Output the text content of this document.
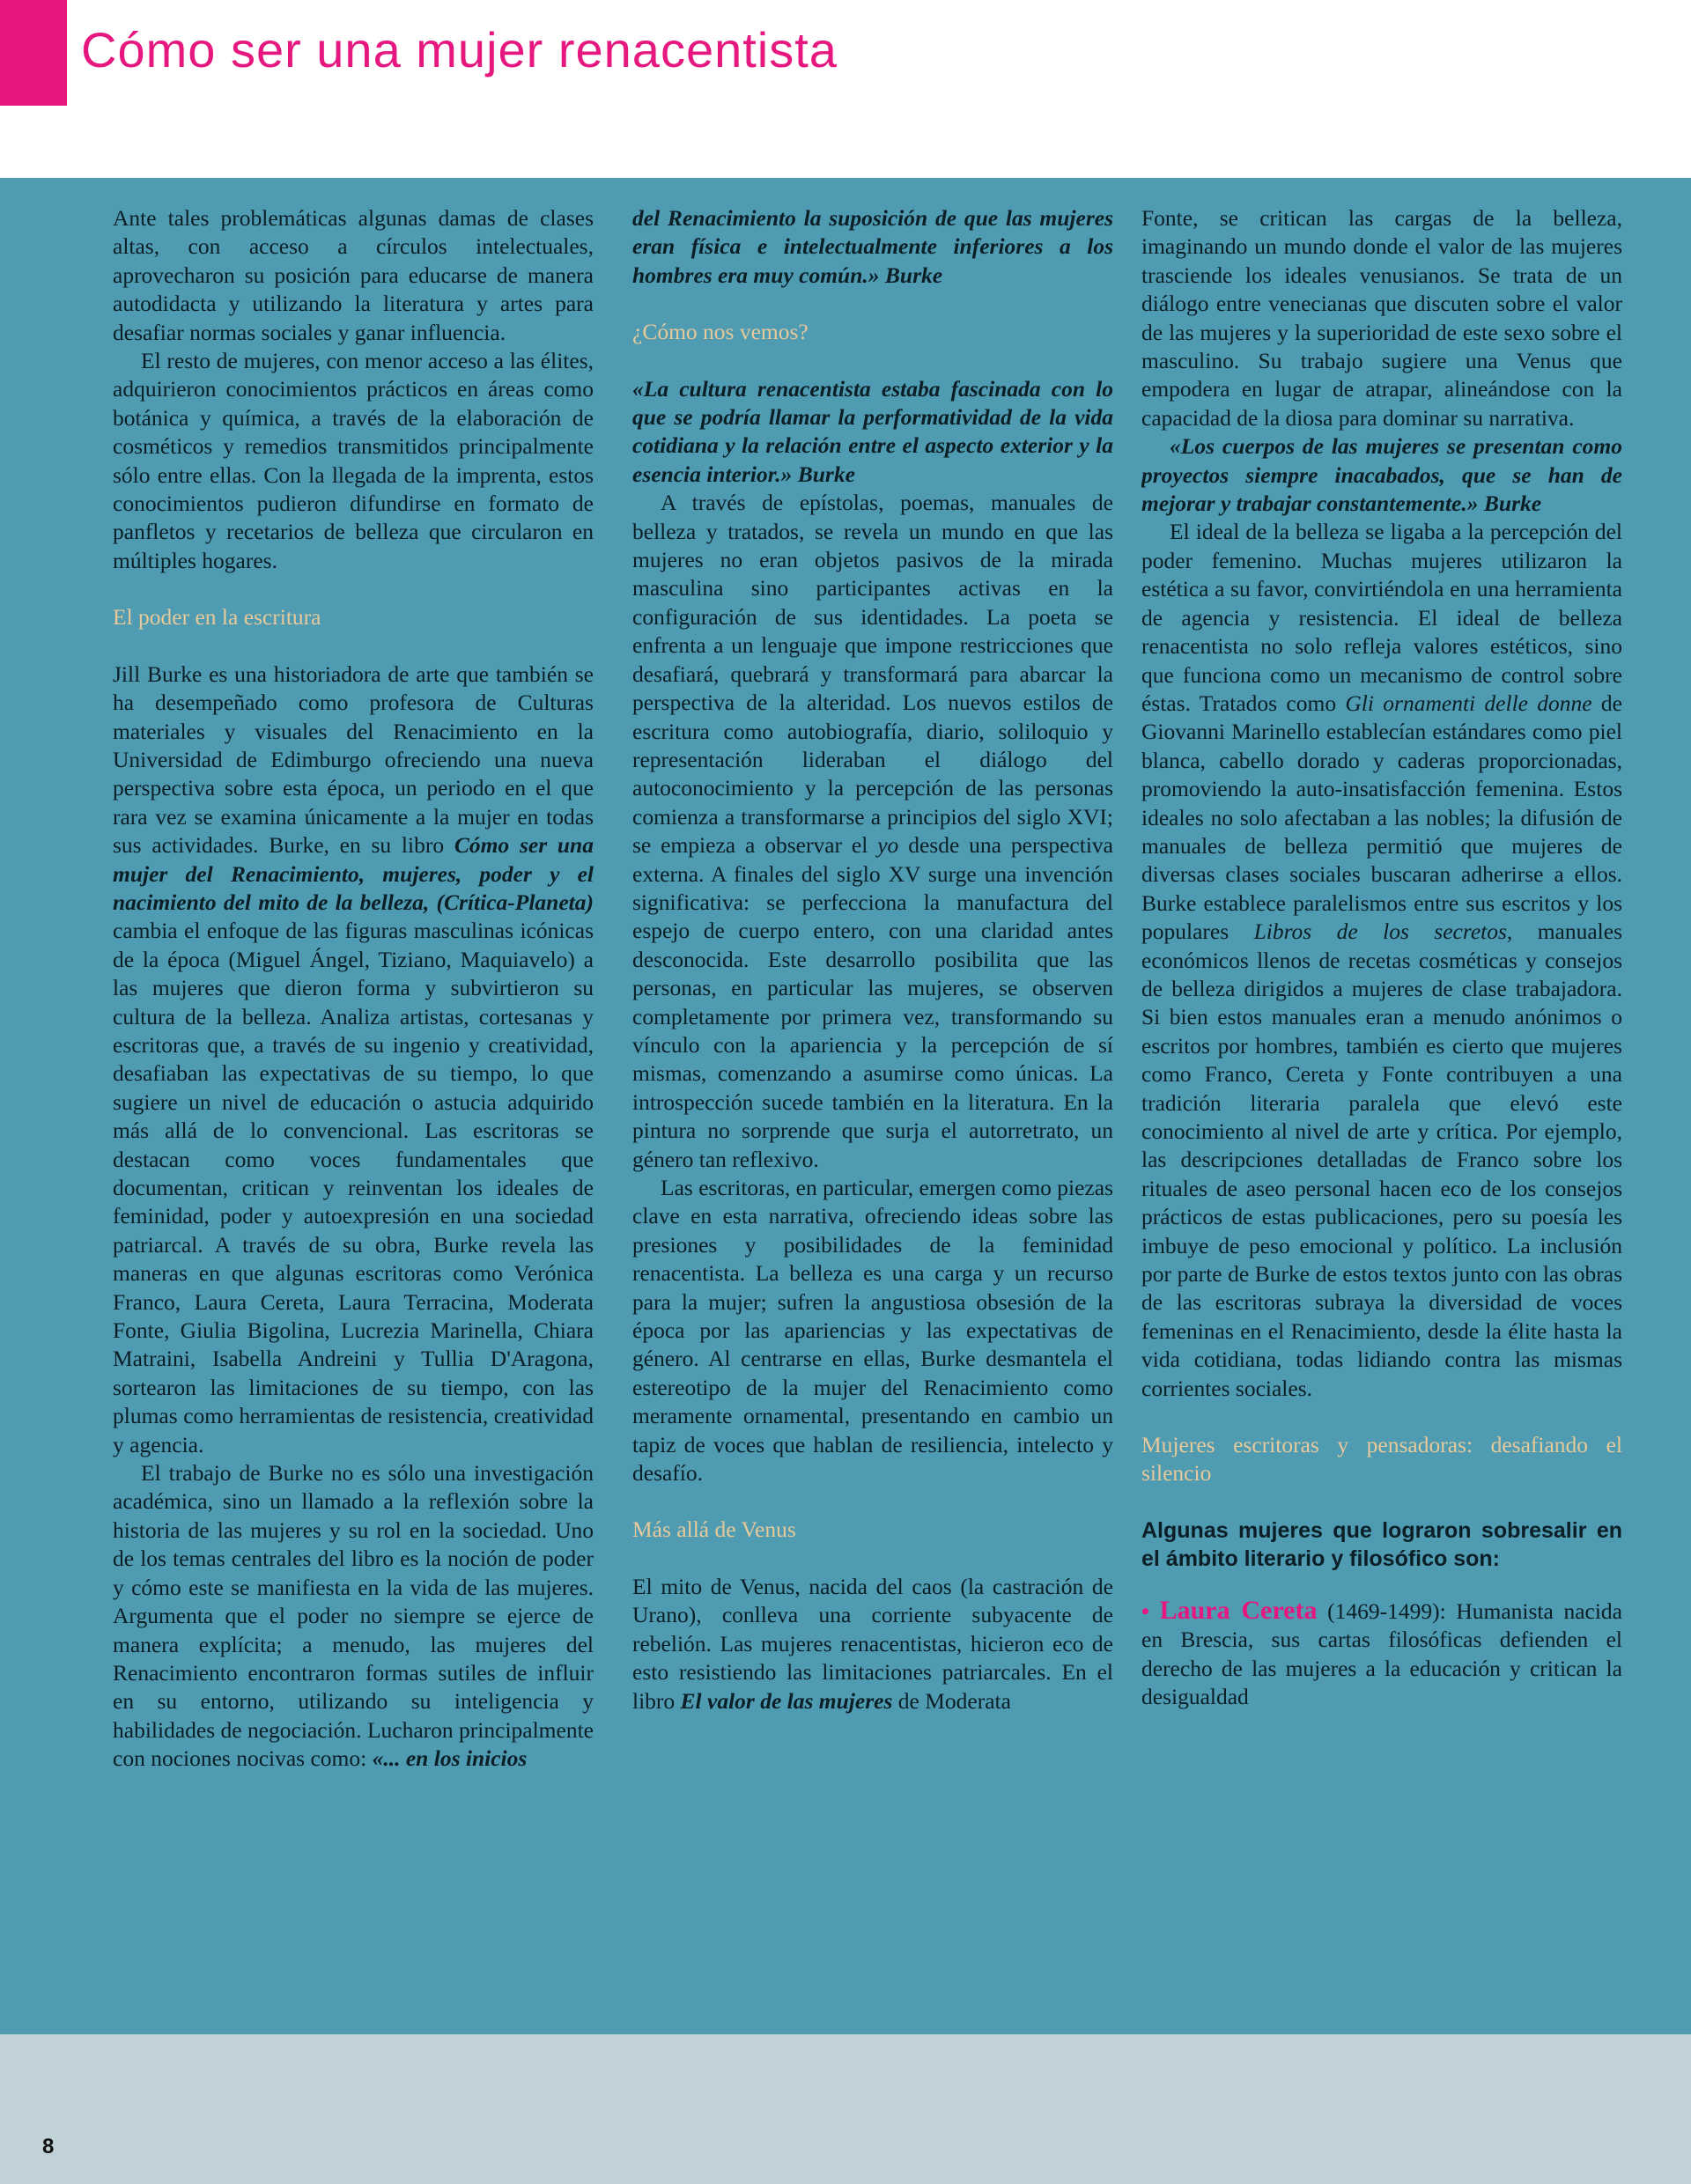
Cómo ser una mujer renacentista

Ante tales problemáticas algunas damas de clases altas, con acceso a círculos intelectuales, aprovecharon su posición para educarse de manera autodidacta y utilizando la literatura y artes para desafiar normas sociales y ganar influencia.

El resto de mujeres, con menor acceso a las élites, adquirieron conocimientos prácticos en áreas como botánica y química, a través de la elaboración de cosméticos y remedios transmitidos principalmente sólo entre ellas. Con la llegada de la imprenta, estos conocimientos pudieron difundirse en formato de panfletos y recetarios de belleza que circularon en múltiples hogares.

El poder en la escritura

Jill Burke es una historiadora de arte que también se ha desempeñado como profesora de Culturas materiales y visuales del Renacimiento en la Universidad de Edimburgo ofreciendo una nueva perspectiva sobre esta época, un periodo en el que rara vez se examina únicamente a la mujer en todas sus actividades. Burke, en su libro Cómo ser una mujer del Renacimiento, mujeres, poder y el nacimiento del mito de la belleza, (Crítica-Planeta) cambia el enfoque de las figuras masculinas icónicas de la época (Miguel Ángel, Tiziano, Maquiavelo) a las mujeres que dieron forma y subvirtieron su cultura de la belleza. Analiza artistas, cortesanas y escritoras que, a través de su ingenio y creatividad, desafiaban las expectativas de su tiempo, lo que sugiere un nivel de educación o astucia adquirido más allá de lo convencional. Las escritoras se destacan como voces fundamentales que documentan, critican y reinventan los ideales de feminidad, poder y autoexpresión en una sociedad patriarcal. A través de su obra, Burke revela las maneras en que algunas escritoras como Verónica Franco, Laura Cereta, Laura Terracina, Moderata Fonte, Giulia Bigolina, Lucrezia Marinella, Chiara Matraini, Isabella Andreini y Tullia D'Aragona, sortearon las limitaciones de su tiempo, con las plumas como herramientas de resistencia, creatividad y agencia.

El trabajo de Burke no es sólo una investigación académica, sino un llamado a la reflexión sobre la historia de las mujeres y su rol en la sociedad. Uno de los temas centrales del libro es la noción de poder y cómo este se manifiesta en la vida de las mujeres. Argumenta que el poder no siempre se ejerce de manera explícita; a menudo, las mujeres del Renacimiento encontraron formas sutiles de influir en su entorno, utilizando su inteligencia y habilidades de negociación. Lucharon principalmente con nociones nocivas como: «... en los inicios

del Renacimiento la suposición de que las mujeres eran física e intelectualmente inferiores a los hombres era muy común.» Burke

¿Cómo nos vemos?

«La cultura renacentista estaba fascinada con lo que se podría llamar la performatividad de la vida cotidiana y la relación entre el aspecto exterior y la esencia interior.» Burke

A través de epístolas, poemas, manuales de belleza y tratados, se revela un mundo en que las mujeres no eran objetos pasivos de la mirada masculina sino participantes activas en la configuración de sus identidades. La poeta se enfrenta a un lenguaje que impone restricciones que desafiará, quebrará y transformará para abarcar la perspectiva de la alteridad. Los nuevos estilos de escritura como autobiografía, diario, soliloquio y representación lideraban el diálogo del autoconocimiento y la percepción de las personas comienza a transformarse a principios del siglo XVI; se empieza a observar el yo desde una perspectiva externa. A finales del siglo XV surge una invención significativa: se perfecciona la manufactura del espejo de cuerpo entero, con una claridad antes desconocida. Este desarrollo posibilita que las personas, en particular las mujeres, se observen completamente por primera vez, transformando su vínculo con la apariencia y la percepción de sí mismas, comenzando a asumirse como únicas. La introspección sucede también en la literatura. En la pintura no sorprende que surja el autorretrato, un género tan reflexivo.

Las escritoras, en particular, emergen como piezas clave en esta narrativa, ofreciendo ideas sobre las presiones y posibilidades de la feminidad renacentista. La belleza es una carga y un recurso para la mujer; sufren la angustiosa obsesión de la época por las apariencias y las expectativas de género. Al centrarse en ellas, Burke desmantela el estereotipo de la mujer del Renacimiento como meramente ornamental, presentando en cambio un tapiz de voces que hablan de resiliencia, intelecto y desafío.

Más allá de Venus

El mito de Venus, nacida del caos (la castración de Urano), conlleva una corriente subyacente de rebelión. Las mujeres renacentistas, hicieron eco de esto resistiendo las limitaciones patriarcales. En el libro El valor de las mujeres de Moderata

Fonte, se critican las cargas de la belleza, imaginando un mundo donde el valor de las mujeres trasciende los ideales venusianos. Se trata de un diálogo entre venecianas que discuten sobre el valor de las mujeres y la superioridad de este sexo sobre el masculino. Su trabajo sugiere una Venus que empodera en lugar de atrapar, alineándose con la capacidad de la diosa para dominar su narrativa.

«Los cuerpos de las mujeres se presentan como proyectos siempre inacabados, que se han de mejorar y trabajar constantemente.» Burke

El ideal de la belleza se ligaba a la percepción del poder femenino. Muchas mujeres utilizaron la estética a su favor, convirtiéndola en una herramienta de agencia y resistencia. El ideal de belleza renacentista no solo refleja valores estéticos, sino que funciona como un mecanismo de control sobre éstas. Tratados como Gli ornamenti delle donne de Giovanni Marinello establecían estándares como piel blanca, cabello dorado y caderas proporcionadas, promoviendo la auto-insatisfacción femenina. Estos ideales no solo afectaban a las nobles; la difusión de manuales de belleza permitió que mujeres de diversas clases sociales buscaran adherirse a ellos. Burke establece paralelismos entre sus escritos y los populares Libros de los secretos, manuales económicos llenos de recetas cosméticas y consejos de belleza dirigidos a mujeres de clase trabajadora. Si bien estos manuales eran a menudo anónimos o escritos por hombres, también es cierto que mujeres como Franco, Cereta y Fonte contribuyen a una tradición literaria paralela que elevó este conocimiento al nivel de arte y crítica. Por ejemplo, las descripciones detalladas de Franco sobre los rituales de aseo personal hacen eco de los consejos prácticos de estas publicaciones, pero su poesía les imbuye de peso emocional y político. La inclusión por parte de Burke de estos textos junto con las obras de las escritoras subraya la diversidad de voces femeninas en el Renacimiento, desde la élite hasta la vida cotidiana, todas lidiando contra las mismas corrientes sociales.

Mujeres escritoras y pensadoras: desafiando el silencio

Algunas mujeres que lograron sobresalir en el ámbito literario y filosófico son:

• Laura Cereta (1469-1499): Humanista nacida en Brescia, sus cartas filosóficas defienden el derecho de las mujeres a la educación y critican la desigualdad

8
